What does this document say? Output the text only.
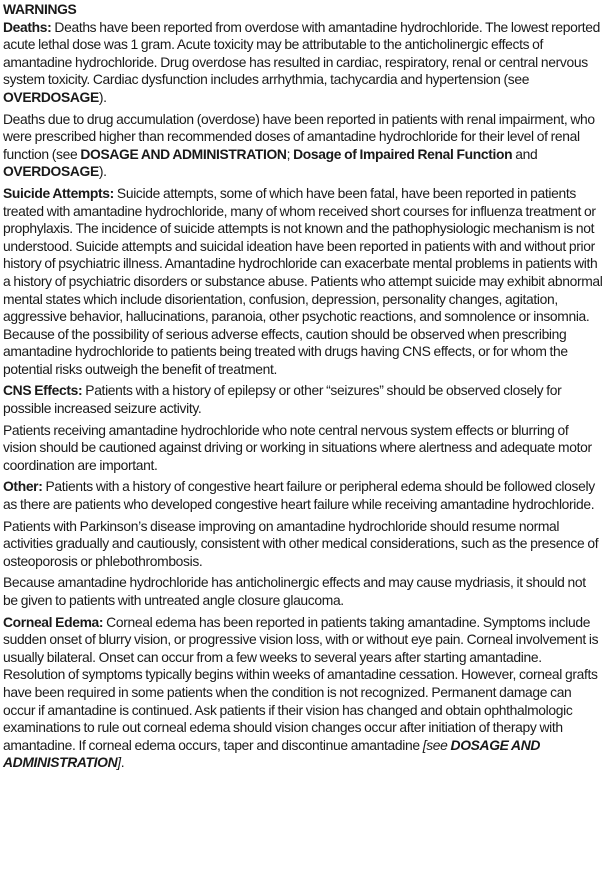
WARNINGS

Deaths: Deaths have been reported from overdose with amantadine hydrochloride. The lowest reported acute lethal dose was 1 gram. Acute toxicity may be attributable to the anticholinergic effects of amantadine hydrochloride. Drug overdose has resulted in cardiac, respiratory, renal or central nervous system toxicity. Cardiac dysfunction includes arrhythmia, tachycardia and hypertension (see OVERDOSAGE).

Deaths due to drug accumulation (overdose) have been reported in patients with renal impairment, who were prescribed higher than recommended doses of amantadine hydrochloride for their level of renal function (see DOSAGE AND ADMINISTRATION; Dosage of Impaired Renal Function and OVERDOSAGE).

Suicide Attempts: Suicide attempts, some of which have been fatal, have been reported in patients treated with amantadine hydrochloride, many of whom received short courses for influenza treatment or prophylaxis. The incidence of suicide attempts is not known and the pathophysiologic mechanism is not understood. Suicide attempts and suicidal ideation have been reported in patients with and without prior history of psychiatric illness. Amantadine hydrochloride can exacerbate mental problems in patients with a history of psychiatric disorders or substance abuse. Patients who attempt suicide may exhibit abnormal mental states which include disorientation, confusion, depression, personality changes, agitation, aggressive behavior, hallucinations, paranoia, other psychotic reactions, and somnolence or insomnia. Because of the possibility of serious adverse effects, caution should be observed when prescribing amantadine hydrochloride to patients being treated with drugs having CNS effects, or for whom the potential risks outweigh the benefit of treatment.

CNS Effects: Patients with a history of epilepsy or other “seizures” should be observed closely for possible increased seizure activity.

Patients receiving amantadine hydrochloride who note central nervous system effects or blurring of vision should be cautioned against driving or working in situations where alertness and adequate motor coordination are important.

Other: Patients with a history of congestive heart failure or peripheral edema should be followed closely as there are patients who developed congestive heart failure while receiving amantadine hydrochloride.

Patients with Parkinson’s disease improving on amantadine hydrochloride should resume normal activities gradually and cautiously, consistent with other medical considerations, such as the presence of osteoporosis or phlebothrombosis.

Because amantadine hydrochloride has anticholinergic effects and may cause mydriasis, it should not be given to patients with untreated angle closure glaucoma.

Corneal Edema: Corneal edema has been reported in patients taking amantadine. Symptoms include sudden onset of blurry vision, or progressive vision loss, with or without eye pain. Corneal involvement is usually bilateral. Onset can occur from a few weeks to several years after starting amantadine. Resolution of symptoms typically begins within weeks of amantadine cessation. However, corneal grafts have been required in some patients when the condition is not recognized. Permanent damage can occur if amantadine is continued. Ask patients if their vision has changed and obtain ophthalmologic examinations to rule out corneal edema should vision changes occur after initiation of therapy with amantadine. If corneal edema occurs, taper and discontinue amantadine [see DOSAGE AND ADMINISTRATION].
